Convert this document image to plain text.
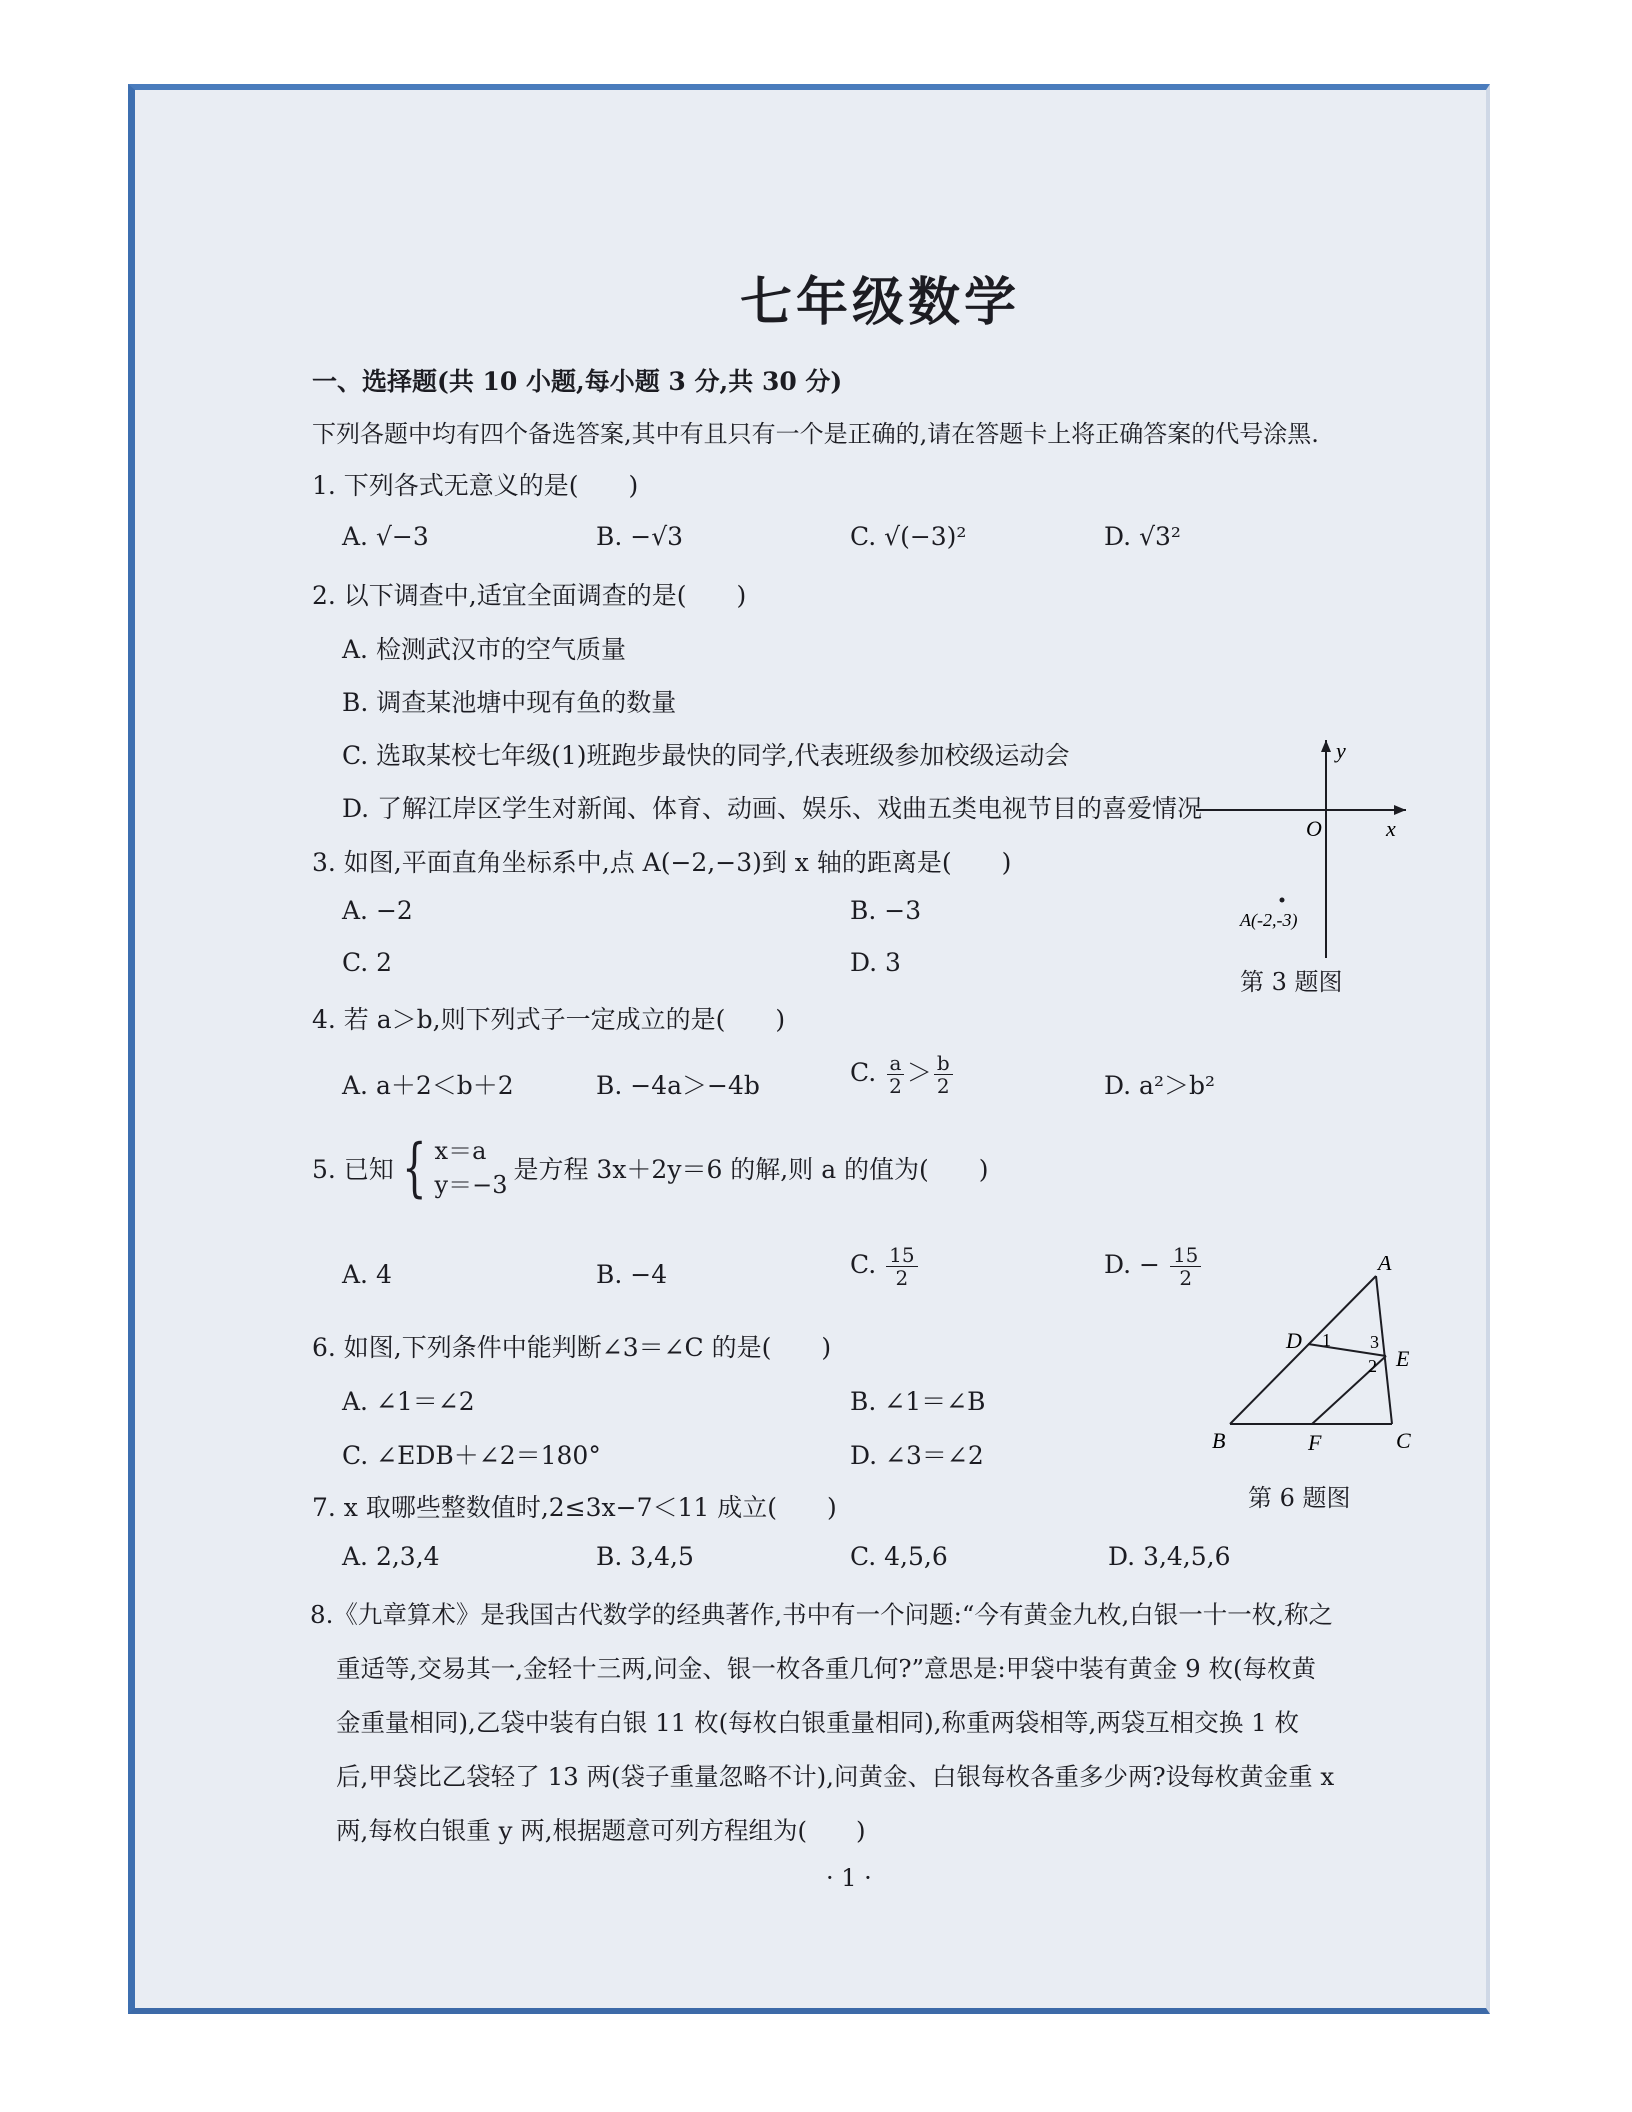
七年级数学
一、选择题(共 10 小题,每小题 3 分,共 30 分)
下列各题中均有四个备选答案,其中有且只有一个是正确的,请在答题卡上将正确答案的代号涂黑.
1. 下列各式无意义的是(　　)
A. √−3	B. −√3	C. √(−3)²	D. √3²
2. 以下调查中,适宜全面调查的是(　　)
A. 检测武汉市的空气质量
B. 调查某池塘中现有鱼的数量
C. 选取某校七年级(1)班跑步最快的同学,代表班级参加校级运动会
D. 了解江岸区学生对新闻、体育、动画、娱乐、戏曲五类电视节目的喜爱情况
3. 如图,平面直角坐标系中,点 A(−2,−3)到 x 轴的距离是(　　)
A. −2	B. −3
C. 2	D. 3
y
x
O
A(-2,-3)
第 3 题图
4. 若 a＞b,则下列式子一定成立的是(　　)
A. a＋2＜b＋2	B. −4a＞−4b	C. $\frac{a}{2} > \frac{b}{2}$	D. a²＞b²
5. 已知 { x＝a
y＝−3
是方程 3x＋2y＝6 的解,则 a 的值为(　　)
A. 4	B. −4	C. $\frac{15}{2}$	D. − $\frac{15}{2}$
6. 如图,下列条件中能判断∠3＝∠C 的是(　　)
A. ∠1＝∠2	B. ∠1＝∠B
C. ∠EDB＋∠2＝180°	D. ∠3＝∠2
A
B	C
D
E
F
1
2
3
第 6 题图
7. x 取哪些整数值时,2≤3x−7＜11 成立(　　)
A. 2,3,4	B. 3,4,5	C. 4,5,6	D. 3,4,5,6
8.《九章算术》是我国古代数学的经典著作,书中有一个问题:“今有黄金九枚,白银一十一枚,称之
重适等,交易其一,金轻十三两,问金、银一枚各重几何?”意思是:甲袋中装有黄金 9 枚(每枚黄
金重量相同),乙袋中装有白银 11 枚(每枚白银重量相同),称重两袋相等,两袋互相交换 1 枚
后,甲袋比乙袋轻了 13 两(袋子重量忽略不计),问黄金、白银每枚各重多少两?设每枚黄金重 x
两,每枚白银重 y 两,根据题意可列方程组为(　　)
· 1 ·
